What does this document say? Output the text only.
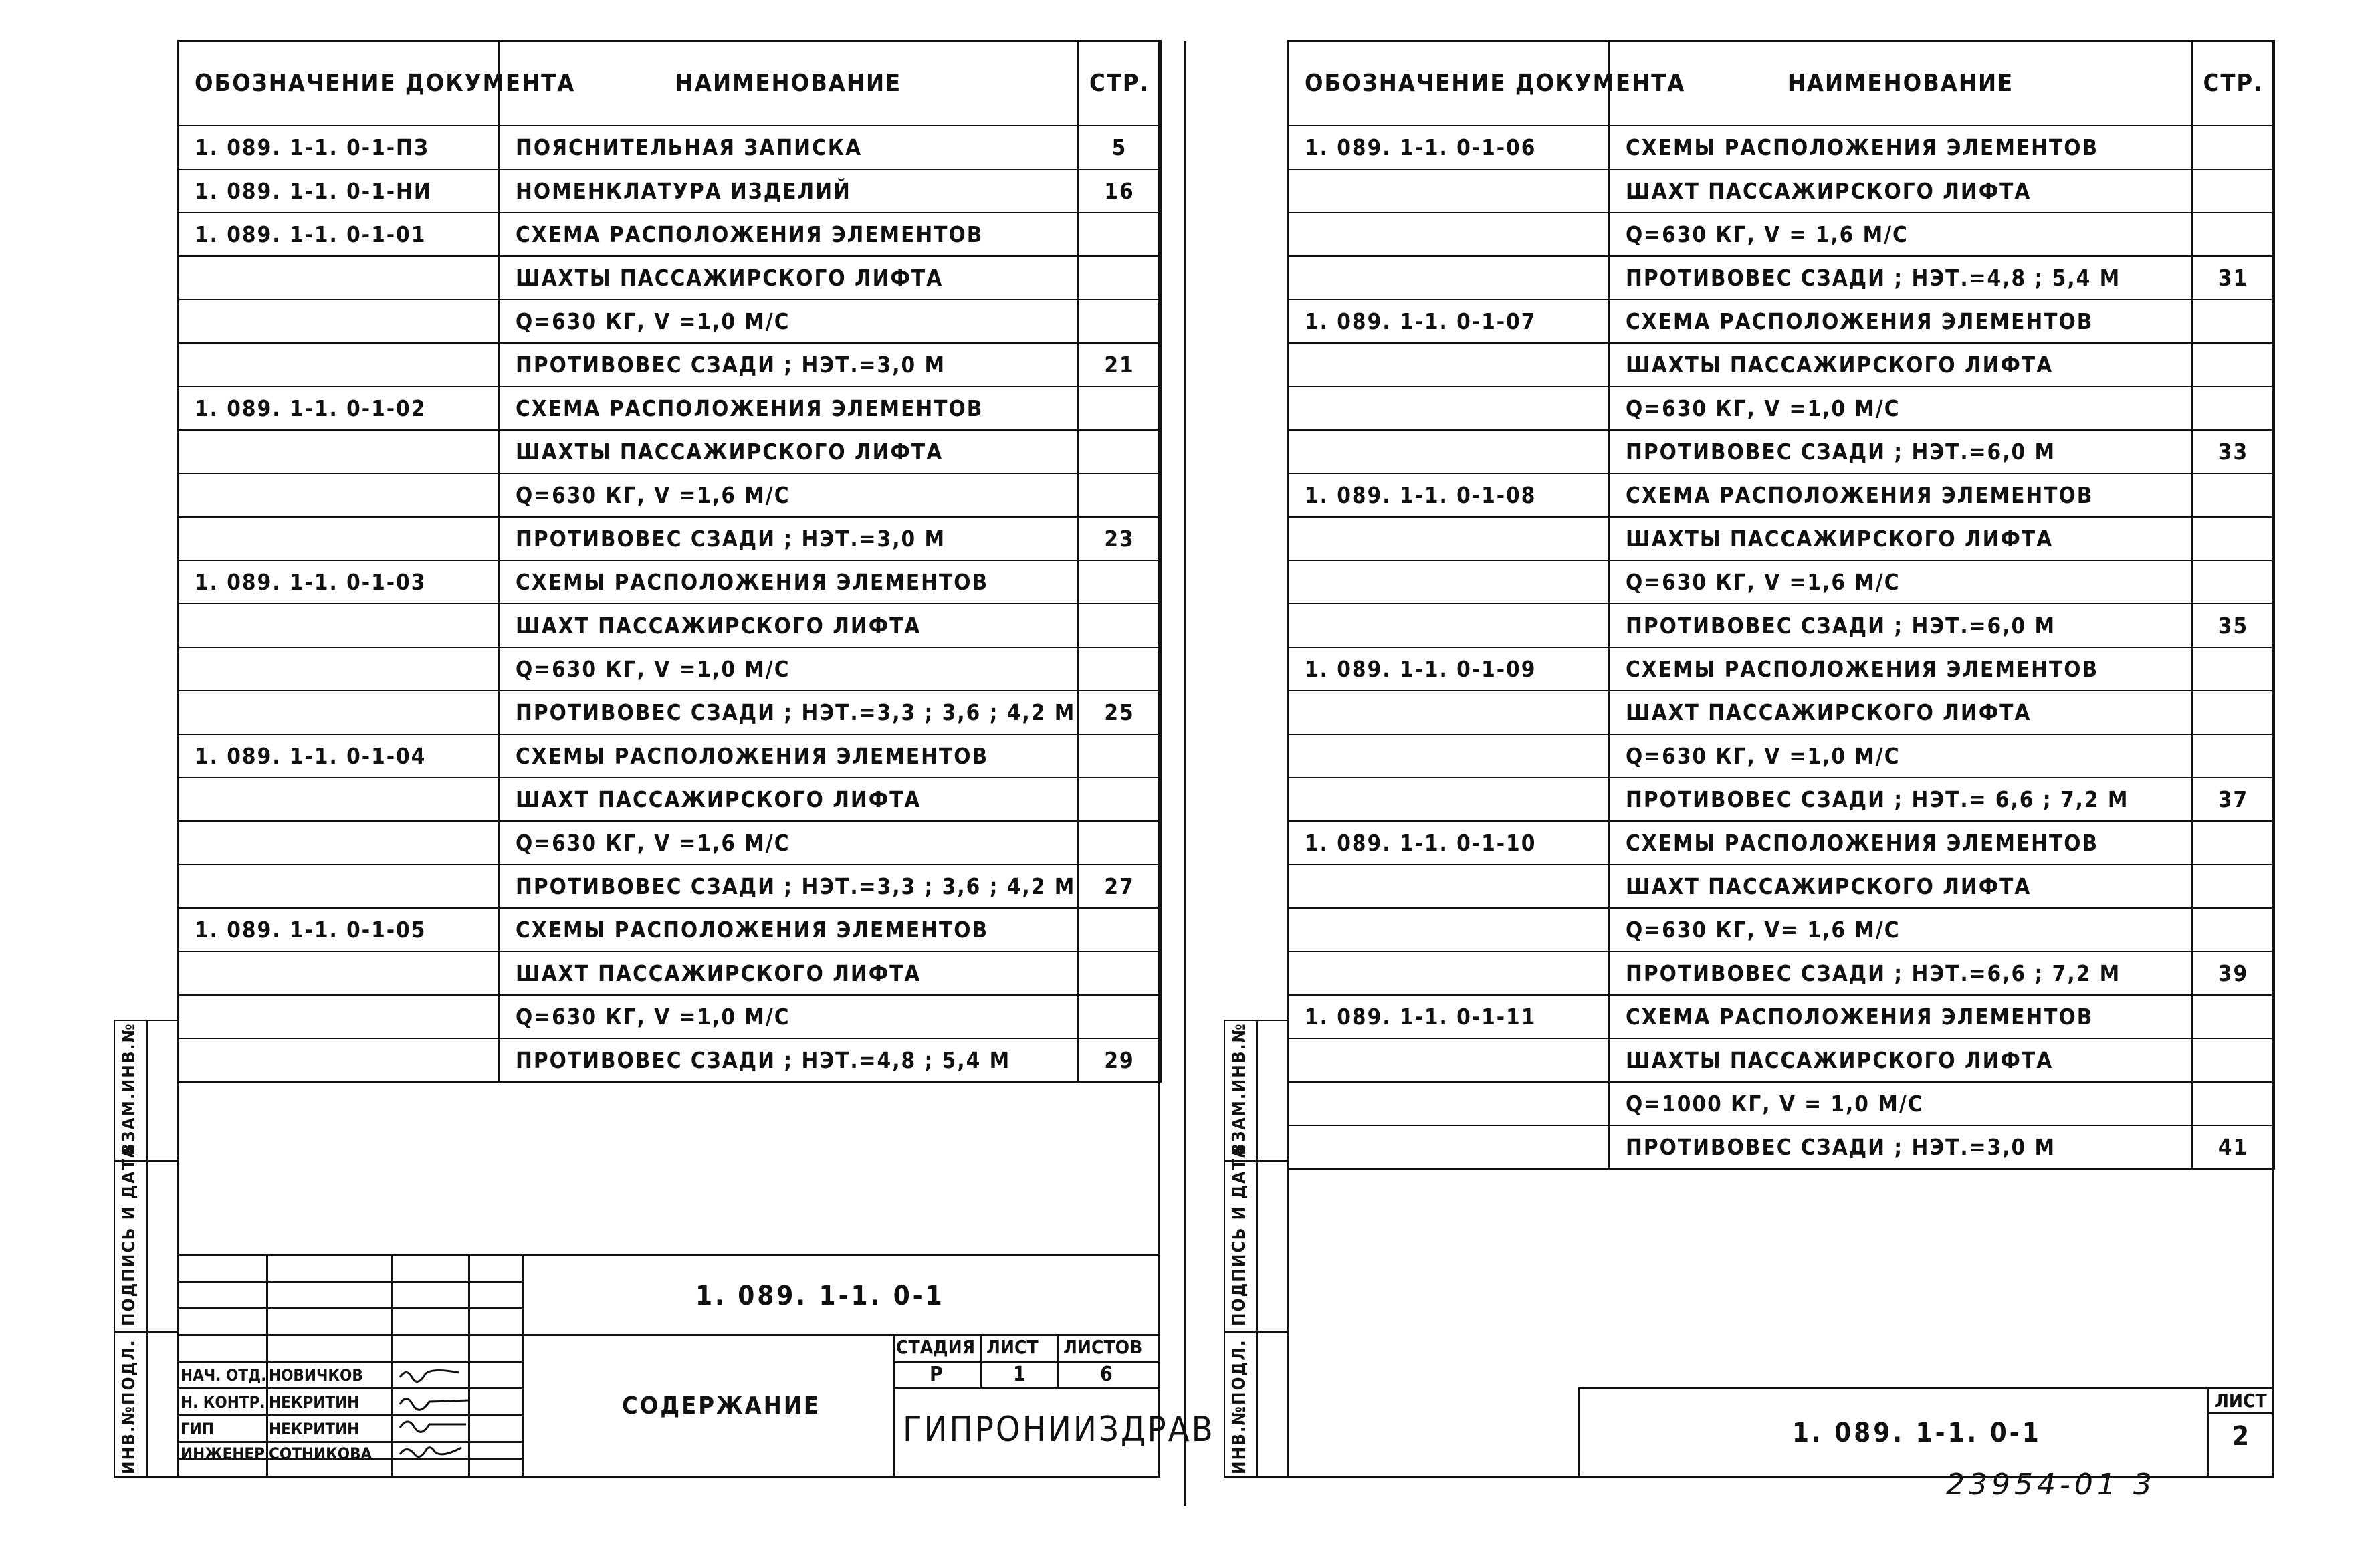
ОБОЗНАЧЕНИЕ ДОКУМЕНТА	НАИМЕНОВАНИЕ	СТР.
1. 089. 1-1. 0-1-ПЗ	ПОЯСНИТЕЛЬНАЯ ЗАПИСКА	5
1. 089. 1-1. 0-1-НИ	НОМЕНКЛАТУРА ИЗДЕЛИЙ	16
1. 089. 1-1. 0-1-01	СХЕМА РАСПОЛОЖЕНИЯ ЭЛЕМЕНТОВ	
	ШАХТЫ ПАССАЖИРСКОГО ЛИФТА	
	Q=630 КГ, V =1,0 М/С	
	ПРОТИВОВЕС СЗАДИ ; HЭТ.=3,0 М	21
1. 089. 1-1. 0-1-02	СХЕМА РАСПОЛОЖЕНИЯ ЭЛЕМЕНТОВ	
	ШАХТЫ ПАССАЖИРСКОГО ЛИФТА	
	Q=630 КГ, V =1,6 М/С	
	ПРОТИВОВЕС СЗАДИ ; HЭТ.=3,0 М	23
1. 089. 1-1. 0-1-03	СХЕМЫ РАСПОЛОЖЕНИЯ ЭЛЕМЕНТОВ	
	ШАХТ ПАССАЖИРСКОГО ЛИФТА	
	Q=630 КГ, V =1,0 М/С	
	ПРОТИВОВЕС СЗАДИ ; HЭТ.=3,3 ; 3,6 ; 4,2 М	25
1. 089. 1-1. 0-1-04	СХЕМЫ РАСПОЛОЖЕНИЯ ЭЛЕМЕНТОВ	
	ШАХТ ПАССАЖИРСКОГО ЛИФТА	
	Q=630 КГ, V =1,6 М/С	
	ПРОТИВОВЕС СЗАДИ ; HЭТ.=3,3 ; 3,6 ; 4,2 М	27
1. 089. 1-1. 0-1-05	СХЕМЫ РАСПОЛОЖЕНИЯ ЭЛЕМЕНТОВ	
	ШАХТ ПАССАЖИРСКОГО ЛИФТА	
	Q=630 КГ, V =1,0 М/С	
	ПРОТИВОВЕС СЗАДИ ; HЭТ.=4,8 ; 5,4 М	29
ВЗАМ.ИНВ.№
ПОДПИСЬ И ДАТА
ИНВ.№ПОДЛ.
1. 089. 1-1. 0-1
СОДЕРЖАНИЕ
СТАДИЯ ЛИСТ ЛИСТОВ
Р	1	6
ГИПРОНИИЗДРАВ
НАЧ. ОТД. НОВИЧКОВ
Н. КОНТР. НЕКРИТИН
ГИП	НЕКРИТИН
ИНЖЕНЕР СОТНИКОВА
ОБОЗНАЧЕНИЕ ДОКУМЕНТА	НАИМЕНОВАНИЕ	СТР.
1. 089. 1-1. 0-1-06	СХЕМЫ РАСПОЛОЖЕНИЯ ЭЛЕМЕНТОВ	
	ШАХТ ПАССАЖИРСКОГО ЛИФТА	
	Q=630 КГ, V = 1,6 М/С	
	ПРОТИВОВЕС СЗАДИ ; HЭТ.=4,8 ; 5,4 М	31
1. 089. 1-1. 0-1-07	СХЕМА РАСПОЛОЖЕНИЯ ЭЛЕМЕНТОВ	
	ШАХТЫ ПАССАЖИРСКОГО ЛИФТА	
	Q=630 КГ, V =1,0 М/С	
	ПРОТИВОВЕС СЗАДИ ; HЭТ.=6,0 М	33
1. 089. 1-1. 0-1-08	СХЕМА РАСПОЛОЖЕНИЯ ЭЛЕМЕНТОВ	
	ШАХТЫ ПАССАЖИРСКОГО ЛИФТА	
	Q=630 КГ, V =1,6 М/С	
	ПРОТИВОВЕС СЗАДИ ; HЭТ.=6,0 М	35
1. 089. 1-1. 0-1-09	СХЕМЫ РАСПОЛОЖЕНИЯ ЭЛЕМЕНТОВ	
	ШАХТ ПАССАЖИРСКОГО ЛИФТА	
	Q=630 КГ, V =1,0 М/С	
	ПРОТИВОВЕС СЗАДИ ; HЭТ.= 6,6 ; 7,2 М	37
1. 089. 1-1. 0-1-10	СХЕМЫ РАСПОЛОЖЕНИЯ ЭЛЕМЕНТОВ	
	ШАХТ ПАССАЖИРСКОГО ЛИФТА	
	Q=630 КГ, V= 1,6 М/С	
	ПРОТИВОВЕС СЗАДИ ; HЭТ.=6,6 ; 7,2 М	39
1. 089. 1-1. 0-1-11	СХЕМА РАСПОЛОЖЕНИЯ ЭЛЕМЕНТОВ	
	ШАХТЫ ПАССАЖИРСКОГО ЛИФТА	
	Q=1000 КГ, V = 1,0 М/С	
	ПРОТИВОВЕС СЗАДИ ; HЭТ.=3,0 М	41
ВЗАМ.ИНВ.№
ПОДПИСЬ И ДАТА
ИНВ.№ПОДЛ.	1. 089. 1-1. 0-1
ЛИСТ
2
23954-01 3
